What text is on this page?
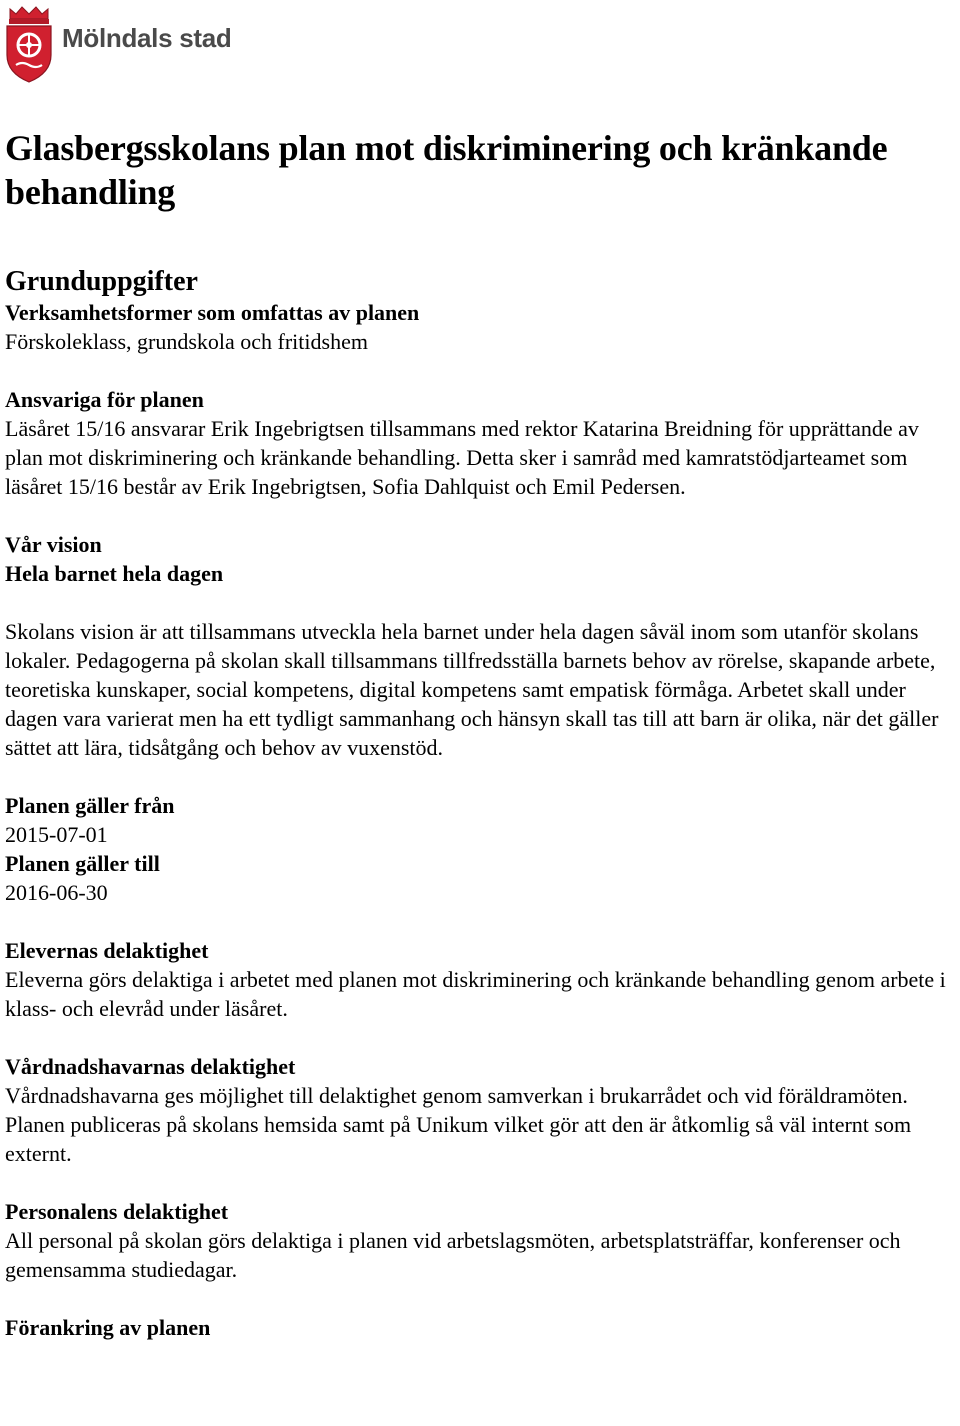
Mölndals stad
Glasbergsskolans plan mot diskriminering och kränkande behandling
Grunduppgifter

Verksamhetsformer som omfattas av planen

Förskoleklass, grundskola och fritidshem

Ansvariga för planen

Läsåret 15/16 ansvarar Erik Ingebrigtsen tillsammans med rektor Katarina Breidning för upprättande av plan mot diskriminering och kränkande behandling. Detta sker i samråd med kamratstödjarteamet som läsåret 15/16 består av Erik Ingebrigtsen, Sofia Dahlquist och Emil Pedersen.

Vår vision

Hela barnet hela dagen

Skolans vision är att tillsammans utveckla hela barnet under hela dagen såväl inom som utanför skolans lokaler. Pedagogerna på skolan skall tillsammans tillfredsställa barnets behov av rörelse, skapande arbete, teoretiska kunskaper, social kompetens, digital kompetens samt empatisk förmåga. Arbetet skall under dagen vara varierat men ha ett tydligt sammanhang och hänsyn skall tas till att barn är olika, när det gäller sättet att lära, tidsåtgång och behov av vuxenstöd.

Planen gäller från

2015-07-01

Planen gäller till

2016-06-30

Elevernas delaktighet

Eleverna görs delaktiga i arbetet med planen mot diskriminering och kränkande behandling genom arbete i klass- och elevråd under läsåret.

Vårdnadshavarnas delaktighet

Vårdnadshavarna ges möjlighet till delaktighet genom samverkan i brukarrådet och vid föräldramöten.

Planen publiceras på skolans hemsida samt på Unikum vilket gör att den är åtkomlig så väl internt som externt.

Personalens delaktighet

All personal på skolan görs delaktiga i planen vid arbetslagsmöten, arbetsplatsträffar, konferenser och gemensamma studiedagar.

Förankring av planen
